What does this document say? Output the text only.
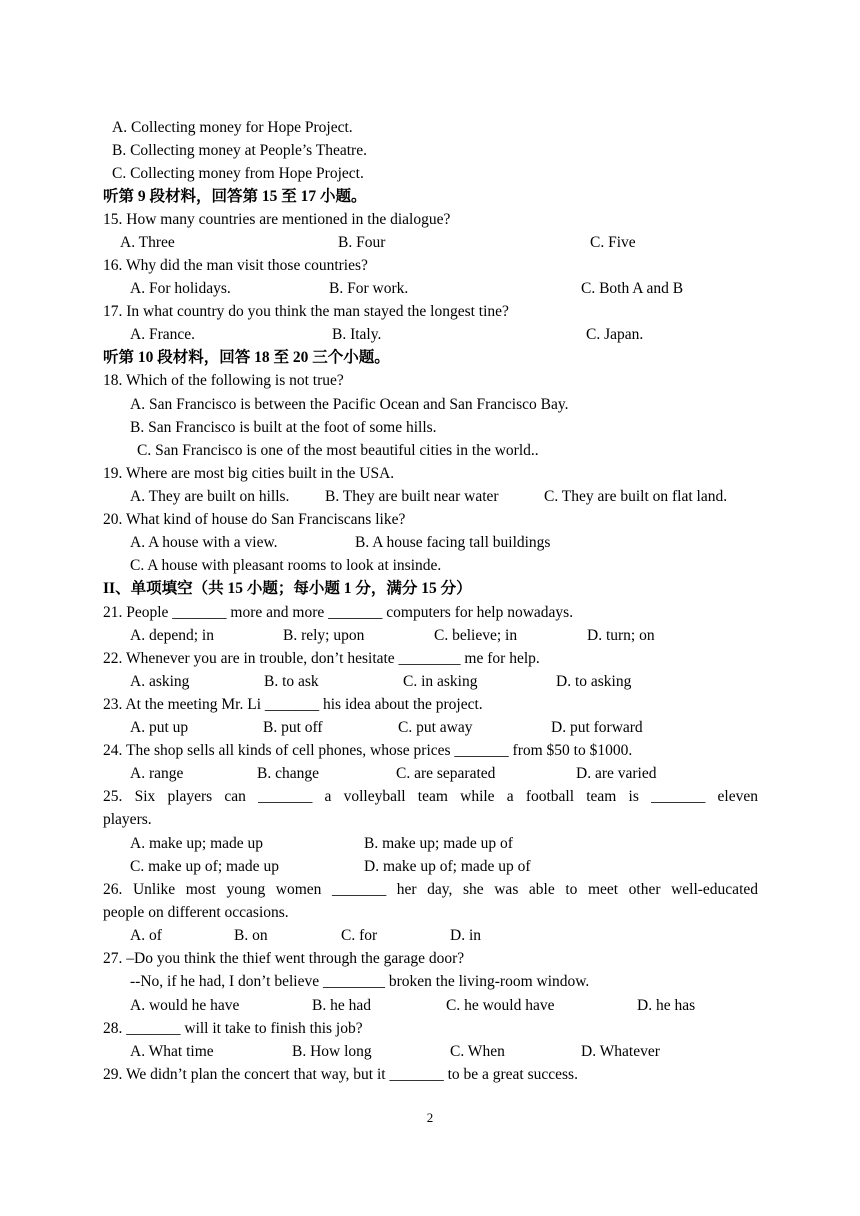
A. Collecting money for Hope Project.
B. Collecting money at People’s Theatre.
C. Collecting money from Hope Project.
听第 9 段材料，回答第 15 至 17 小题。
15. How many countries are mentioned in the dialogue?
A. Three	B. Four	C. Five
16. Why did the man visit those countries?
A. For holidays.	B. For work.	C. Both A and B
17. In what country do you think the man stayed the longest tine?
A. France.	B. Italy.	C. Japan.
听第 10 段材料，回答 18 至 20 三个小题。
18. Which of the following is not true?
A. San Francisco is between the Pacific Ocean and San Francisco Bay.
B. San Francisco is built at the foot of some hills.
C. San Francisco is one of the most beautiful cities in the world..
19. Where are most big cities built in the USA.
A. They are built on hills. B. They are built near water	C. They are built on flat land.
20. What kind of house do San Franciscans like?
A. A house with a view.	B. A house facing tall buildings
C. A house with pleasant rooms to look at insinde.
II、单项填空（共 15 小题；每小题 1 分，满分 15 分）
21. People _______ more and more _______ computers for help nowadays.
A. depend; in	B. rely; upon	C. believe; in	D. turn; on
22. Whenever you are in trouble, don’t hesitate ________ me for help.
A. asking	B. to ask	C. in asking	D. to asking
23. At the meeting Mr. Li _______ his idea about the project.
A. put up	B. put off	C. put away	D. put forward
24. The shop sells all kinds of cell phones, whose prices _______ from $50 to $1000.
A. range	B. change	C. are separated	D. are varied
25. Six players can _______ a volleyball team while a football team is _______ eleven
players.
A. make up; made up	B. make up; made up of
C. make up of; made up	D. make up of; made up of
26. Unlike most young women _______ her day, she was able to meet other well-educated
people on different occasions.
A. of	B. on	C. for	D. in
27. –Do you think the thief went through the garage door?
--No, if he had, I don’t believe ________ broken the living-room window.
A. would he have	B. he had	C. he would have	D. he has
28. _______ will it take to finish this job?
A. What time	B. How long	C. When	D. Whatever
29. We didn’t plan the concert that way, but it _______ to be a great success.
2
